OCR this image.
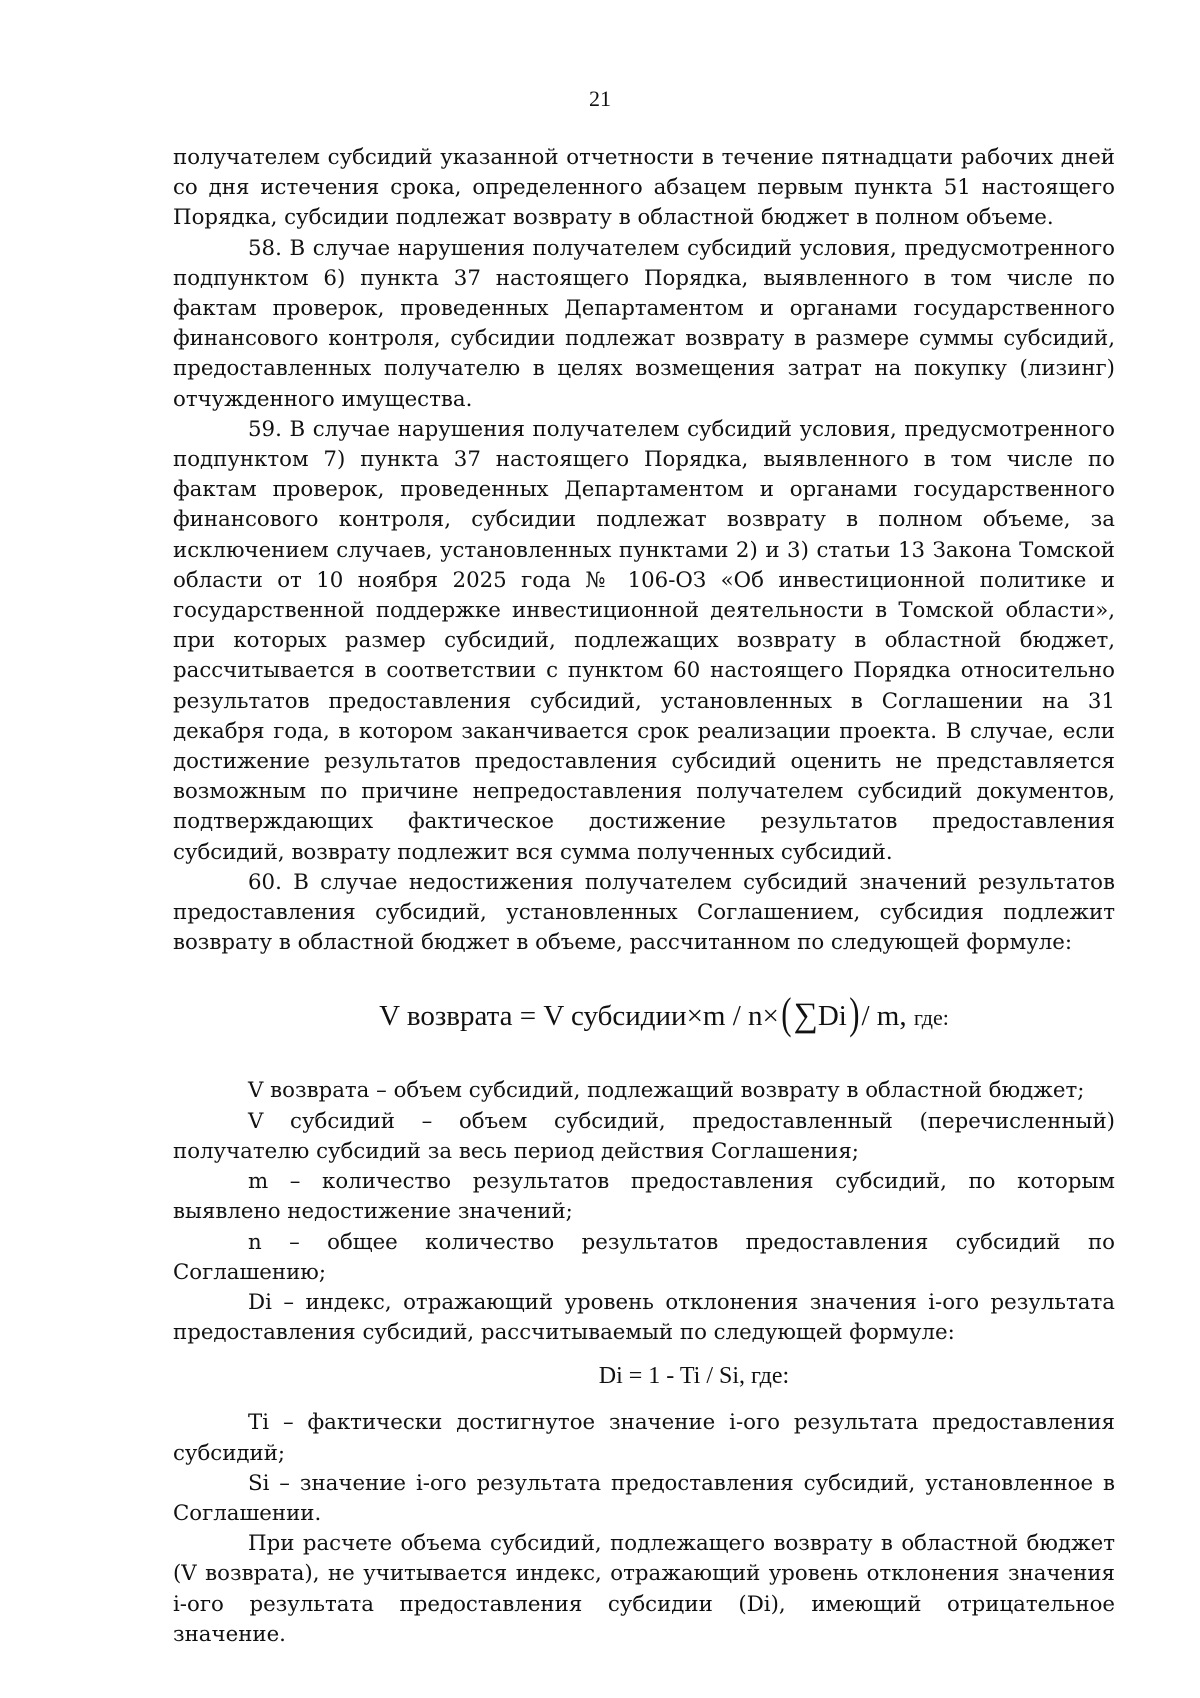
21

получателем субсидий указанной отчетности в течение пятнадцати рабочих дней со дня истечения срока, определенного абзацем первым пункта 51 настоящего Порядка, субсидии подлежат возврату в областной бюджет в полном объеме.

58. В случае нарушения получателем субсидий условия, предусмотренного подпунктом 6) пункта 37 настоящего Порядка, выявленного в том числе по фактам проверок, проведенных Департаментом и органами государственного финансового контроля, субсидии подлежат возврату в размере суммы субсидий, предоставленных получателю в целях возмещения затрат на покупку (лизинг) отчужденного имущества.

59. В случае нарушения получателем субсидий условия, предусмотренного подпунктом 7) пункта 37 настоящего Порядка, выявленного в том числе по фактам проверок, проведенных Департаментом и органами государственного финансового контроля, субсидии подлежат возврату в полном объеме, за исключением случаев, установленных пунктами 2) и 3) статьи 13 Закона Томской области от 10 ноября 2025 года № 106-ОЗ «Об инвестиционной политике и государственной поддержке инвестиционной деятельности в Томской области», при которых размер субсидий, подлежащих возврату в областной бюджет, рассчитывается в соответствии с пунктом 60 настоящего Порядка относительно результатов предоставления субсидий, установленных в Соглашении на 31 декабря года, в котором заканчивается срок реализации проекта. В случае, если достижение результатов предоставления субсидий оценить не представляется возможным по причине непредоставления получателем субсидий документов, подтверждающих фактическое достижение результатов предоставления субсидий, возврату подлежит вся сумма полученных субсидий.

60. В случае недостижения получателем субсидий значений результатов предоставления субсидий, установленных Соглашением, субсидия подлежит возврату в областной бюджет в объеме, рассчитанном по следующей формуле:

V возврата = V субсидии×m / n×(∑Di)/ m, где:

V возврата – объем субсидий, подлежащий возврату в областной бюджет;

V субсидий – объем субсидий, предоставленный (перечисленный) получателю субсидий за весь период действия Соглашения;

m – количество результатов предоставления субсидий, по которым выявлено недостижение значений;

n – общее количество результатов предоставления субсидий по Соглашению;

Di – индекс, отражающий уровень отклонения значения i-ого результата предоставления субсидий, рассчитываемый по следующей формуле:

Di = 1 - Ti / Si, где:

Ti – фактически достигнутое значение i-ого результата предоставления субсидий;

Si – значение i-ого результата предоставления субсидий, установленное в Соглашении.

При расчете объема субсидий, подлежащего возврату в областной бюджет (V возврата), не учитывается индекс, отражающий уровень отклонения значения i-ого результата предоставления субсидии (Di), имеющий отрицательное значение.
